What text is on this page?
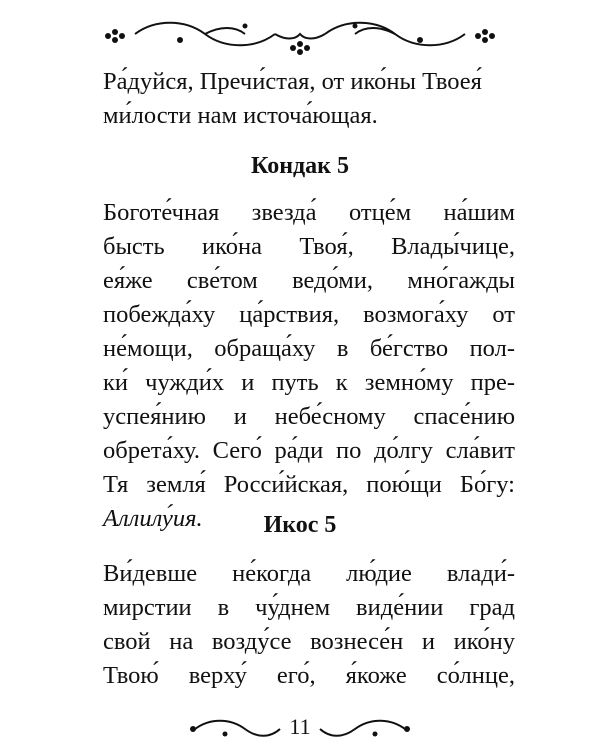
Ра́дуйся, Пречи́стая, от ико́ны Твоея́
ми́лости нам источа́ющая.

Кондак 5

Боготе́чная звезда́ отце́м на́шим
бысть ико́на Твоя́, Влады́чице,
ея́же све́том ведо́ми, мно́гажды
побежда́ху ца́рствия, возмога́ху от
не́мощи, обраща́ху в бе́гство пол-
ки́ чужди́х и путь к земно́му пре-
успея́нию и небе́сному спасе́нию
обрета́ху. Сего́ ра́ди по до́лгу сла́вит
Тя земля́ Росси́йская, пою́щи Бо́гу:
Аллилу́ия.	Икос 5

Ви́девше не́когда лю́дие влади́-
мирстии в чу́днем виде́нии град
свой на возду́се вознесе́н и ико́ну
Твою́ верху́ его́, я́коже со́лнце,

11
